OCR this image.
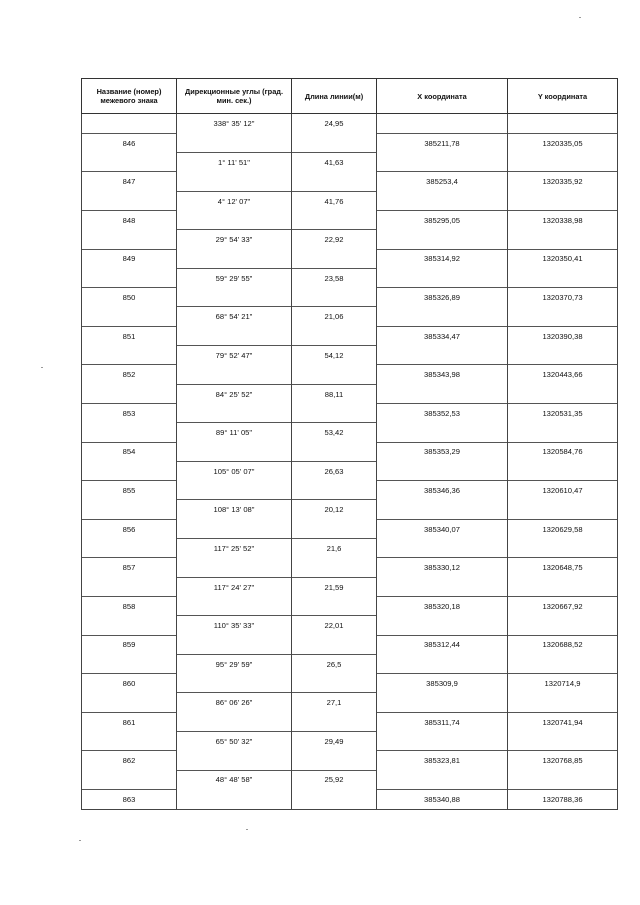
Название (номер) межевого знака	Дирекционные углы (град. мин. сек.)	Длина линии(м)	X координата	Y координата
	338° 35' 12"	24,95		
846			385211,78	1320335,05
	1° 11' 51"	41,63		
847			385253,4	1320335,92
	4° 12' 07"	41,76		
848			385295,05	1320338,98
	29° 54' 33"	22,92		
849			385314,92	1320350,41
	59° 29' 55"	23,58		
850			385326,89	1320370,73
	68° 54' 21"	21,06		
851			385334,47	1320390,38
	79° 52' 47"	54,12		
852			385343,98	1320443,66
	84° 25' 52"	88,11		
853			385352,53	1320531,35
	89° 11' 05"	53,42		
854			385353,29	1320584,76
	105° 05' 07"	26,63		
855			385346,36	1320610,47
	108° 13' 08"	20,12		
856			385340,07	1320629,58
	117° 25' 52"	21,6		
857			385330,12	1320648,75
	117° 24' 27"	21,59		
858			385320,18	1320667,92
	110° 35' 33"	22,01		
859			385312,44	1320688,52
	95° 29' 59"	26,5		
860			385309,9	1320714,9
	86° 06' 26"	27,1		
861			385311,74	1320741,94
	65° 50' 32"	29,49		
862			385323,81	1320768,85
	48° 48' 58"	25,92		
863			385340,88	1320788,36
